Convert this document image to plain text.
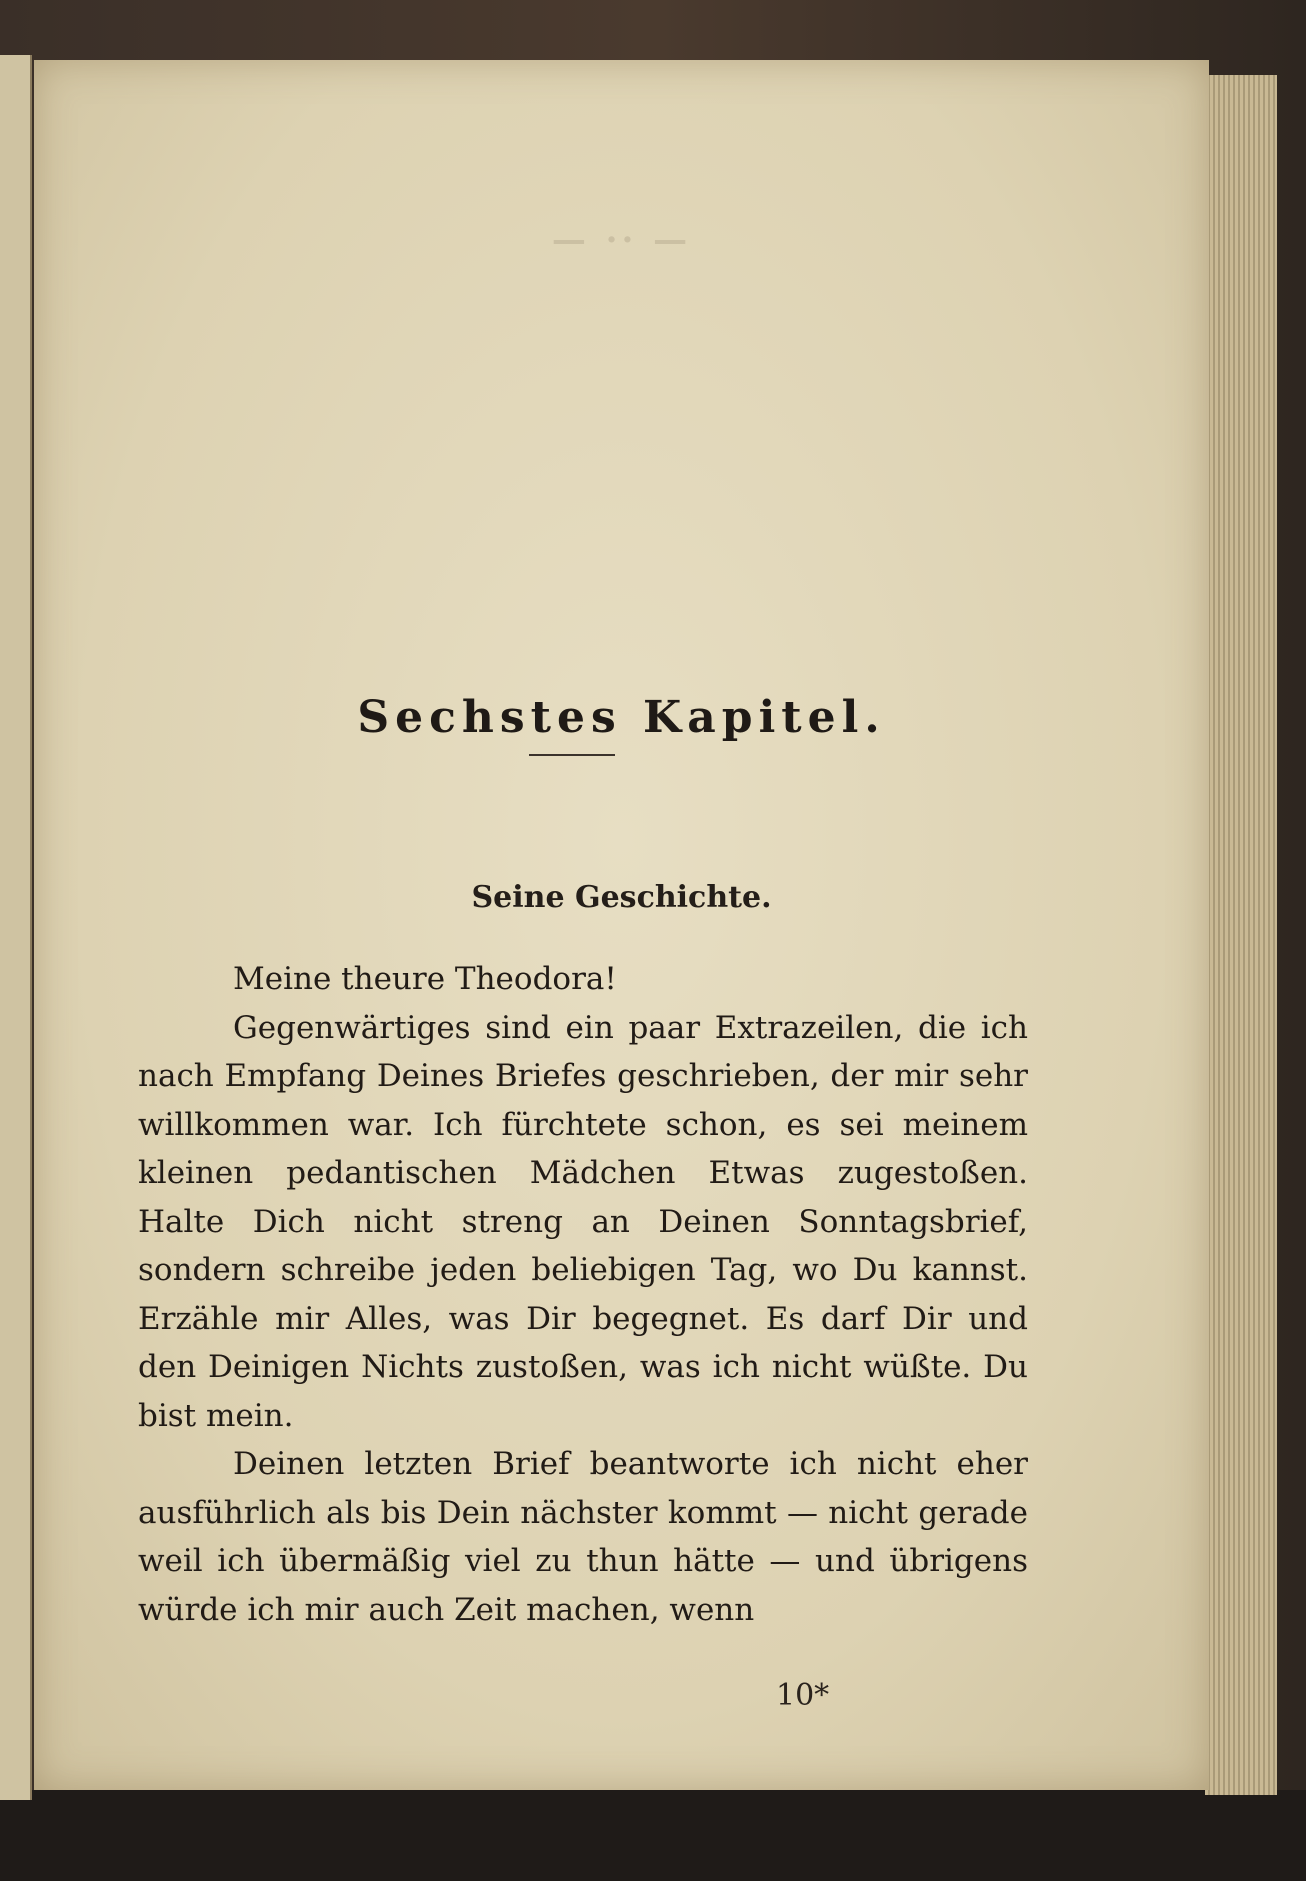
— ·· —
Sechstes Kapitel.
Seine Geschichte.

Meine theure Theodora!

Gegenwärtiges sind ein paar Extrazeilen, die ich nach Empfang Deines Briefes geschrieben, der mir sehr willkommen war. Ich fürchtete schon, es sei meinem kleinen pedantischen Mädchen Etwas zugestoßen. Halte Dich nicht streng an Deinen Sonntagsbrief, sondern schreibe jeden beliebigen Tag, wo Du kannst. Erzähle mir Alles, was Dir begegnet. Es darf Dir und den Deinigen Nichts zustoßen, was ich nicht wüßte. Du bist mein.

Deinen letzten Brief beantworte ich nicht eher ausführlich als bis Dein nächster kommt — nicht gerade weil ich übermäßig viel zu thun hätte — und übrigens würde ich mir auch Zeit machen, wenn

10*
